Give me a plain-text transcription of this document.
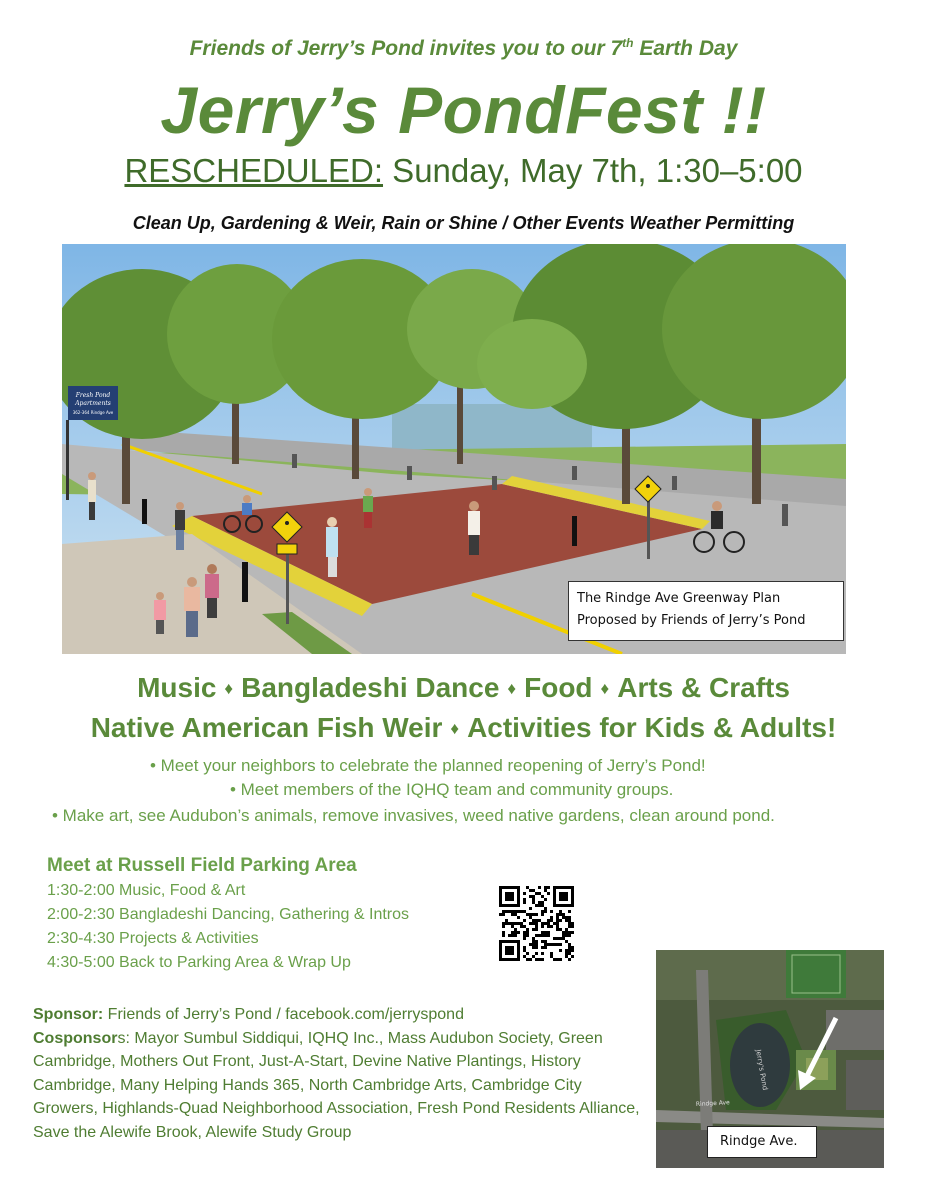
Friends of Jerry’s Pond invites you to our 7th Earth Day
Jerry’s PondFest !!
RESCHEDULED: Sunday, May 7th, 1:30–5:00
Clean Up, Gardening & Weir, Rain or Shine / Other Events Weather Permitting
Fresh Pond
Apartments
362-364 Rindge Ave
The Rindge Ave Greenway Plan
Proposed by Friends of Jerry’s Pond
Music ♦ Bangladeshi Dance ♦ Food ♦ Arts & Crafts
Native American Fish Weir ♦ Activities for Kids & Adults!
• Meet your neighbors to celebrate the planned reopening of Jerry’s Pond!
• Meet members of the IQHQ team and community groups.
• Make art, see Audubon’s animals, remove invasives, weed native gardens, clean around pond.
Meet at Russell Field Parking Area
1:30-2:00 Music, Food & Art
2:00-2:30 Bangladeshi Dancing, Gathering & Intros
2:30-4:30 Projects & Activities
4:30-5:00 Back to Parking Area & Wrap Up
Sponsor: Friends of Jerry’s Pond / facebook.com/jerryspond
Cosponsors: Mayor Sumbul Siddiqui, IQHQ Inc., Mass Audubon Society, Green Cambridge, Mothers Out Front, Just-A-Start, Devine Native Plantings, History Cambridge, Many Helping Hands 365, North Cambridge Arts, Cambridge City Growers, Highlands-Quad Neighborhood Association, Fresh Pond Residents Alliance, Save the Alewife Brook, Alewife Study Group
Jerry's Pond
Rindge Ave
Rindge Ave.
